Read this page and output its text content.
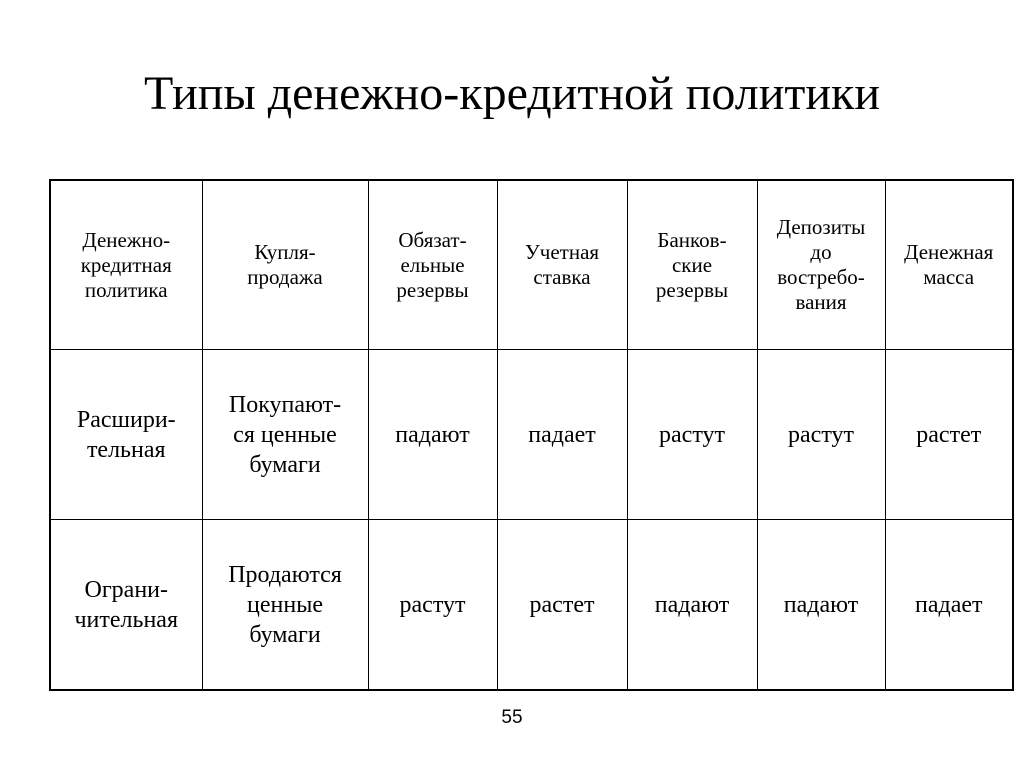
Типы денежно-кредитной политики
Денежно-
кредитная
политика	Купля-
продажа	Обязат-
ельные
резервы	Учетная
ставка	Банков-
ские
резервы	Депозиты
до
востребо-
вания	Денежная
масса
Расшири-
тельная	Покупают-
ся ценные
бумаги	падают	падает	растут	растут	растет
Ограни-
чительная	Продаются
ценные
бумаги	растут	растет	падают	падают	падает
55
